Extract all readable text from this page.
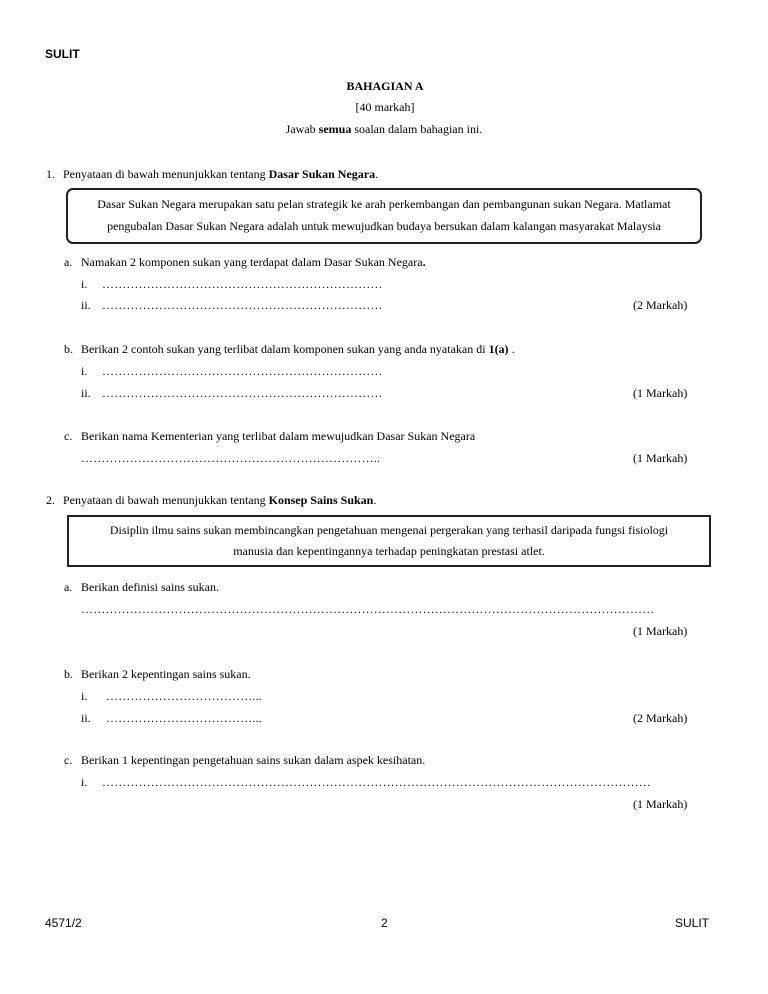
SULIT
BAHAGIAN A
[40 markah]
Jawab semua soalan dalam bahagian ini.
1. Penyataan di bawah menunjukkan tentang Dasar Sukan Negara.
Dasar Sukan Negara merupakan satu pelan strategik ke arah perkembangan dan pembangunan sukan Negara. Matlamat
pengubalan Dasar Sukan Negara adalah untuk mewujudkan budaya bersukan dalam kalangan masyarakat Malaysia
a. Namakan 2 komponen sukan yang terdapat dalam Dasar Sukan Negara.
i. ……………………………………………………………
ii. ……………………………………………………………	(2 Markah)
b. Berikan 2 contoh sukan yang terlibat dalam komponen sukan yang anda nyatakan di 1(a) .
i. ……………………………………………………………
ii. ……………………………………………………………	(1 Markah)
c. Berikan nama Kementerian yang terlibat dalam mewujudkan Dasar Sukan Negara
………………………………………………………………..	(1 Markah)
2. Penyataan di bawah menunjukkan tentang Konsep Sains Sukan.
Disiplin ilmu sains sukan membincangkan pengetahuan mengenai pergerakan yang terhasil daripada fungsi fisiologi
manusia dan kepentingannya terhadap peningkatan prestasi atlet.
a. Berikan definisi sains sukan.
……………………………………………………………………………………………………………………………
(1 Markah)
b. Berikan 2 kepentingan sains sukan.
i. ………………………………...
ii. ………………………………...	(2 Markah)
c. Berikan 1 kepentingan pengetahuan sains sukan dalam aspek kesihatan.
i. ………………………………………………………………………………………………………………………
(1 Markah)
4571/2	2	SULIT
